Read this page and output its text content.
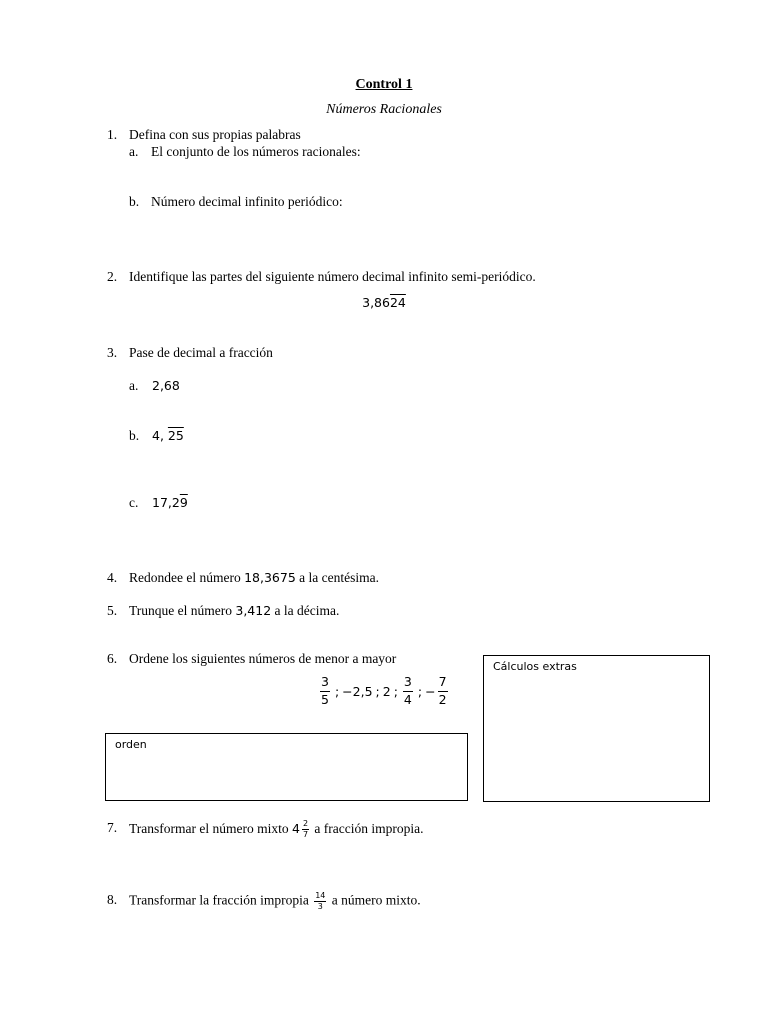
Control 1
Números Racionales
1. Defina con sus propias palabras
a. El conjunto de los números racionales:
b. Número decimal infinito periódico:
2. Identifique las partes del siguiente número decimal infinito semi-periódico.
3,8624
3. Pase de decimal a fracción
a. 2,68
b. 4, 25
c. 17,29
4. Redondee el número 18,3675 a la centésima.
5. Trunque el número 3,412 a la décima.
6. Ordene los siguientes números de menor a mayor
$\frac{3}{5}$ ; −2,5 ; 2 ; $\frac{3}{4}$ ; − $\frac{7}{2}$
orden
Cálculos extras
7. Transformar el número mixto $4 \frac{2}{7}$ a fracción impropia.
8. Transformar la fracción impropia $\frac{14}{3}$ a número mixto.
